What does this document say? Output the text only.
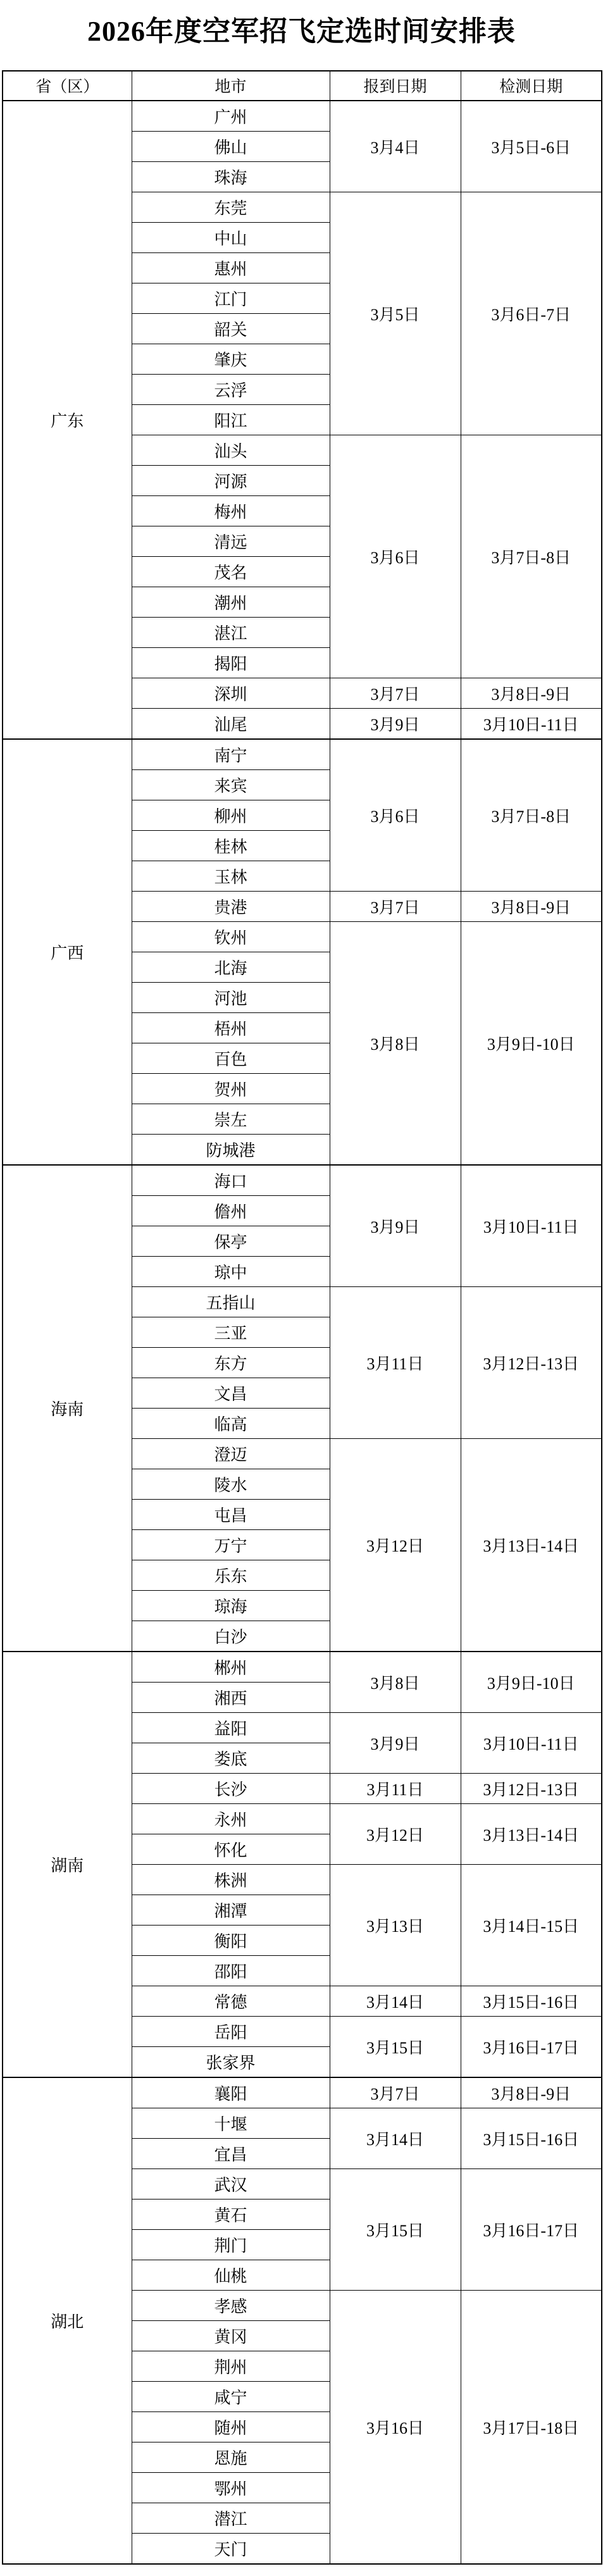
2026年度空军招飞定选时间安排表
省（区）	地市	报到日期	检测日期
广东	广州	3月4日	3月5日-6日
	佛山		
	珠海		
	东莞	3月5日	3月6日-7日
	中山		
	惠州		
	江门		
	韶关		
	肇庆		
	云浮		
	阳江		
	汕头	3月6日	3月7日-8日
	河源		
	梅州		
	清远		
	茂名		
	潮州		
	湛江		
	揭阳		
	深圳	3月7日	3月8日-9日
	汕尾	3月9日	3月10日-11日
广西	南宁	3月6日	3月7日-8日
	来宾		
	柳州		
	桂林		
	玉林		
	贵港	3月7日	3月8日-9日
	钦州	3月8日	3月9日-10日
	北海		
	河池		
	梧州		
	百色		
	贺州		
	崇左		
	防城港		
海南	海口	3月9日	3月10日-11日
	儋州		
	保亭		
	琼中		
	五指山	3月11日	3月12日-13日
	三亚		
	东方		
	文昌		
	临高		
	澄迈	3月12日	3月13日-14日
	陵水		
	屯昌		
	万宁		
	乐东		
	琼海		
	白沙		
湖南	郴州	3月8日	3月9日-10日
	湘西		
	益阳	3月9日	3月10日-11日
	娄底		
	长沙	3月11日	3月12日-13日
	永州	3月12日	3月13日-14日
	怀化		
	株洲	3月13日	3月14日-15日
	湘潭		
	衡阳		
	邵阳		
	常德	3月14日	3月15日-16日
	岳阳	3月15日	3月16日-17日
	张家界		
湖北	襄阳	3月7日	3月8日-9日
	十堰	3月14日	3月15日-16日
	宜昌		
	武汉	3月15日	3月16日-17日
	黄石		
	荆门		
	仙桃		
	孝感	3月16日	3月17日-18日
	黄冈		
	荆州		
	咸宁		
	随州		
	恩施		
	鄂州		
	潜江		
	天门		
